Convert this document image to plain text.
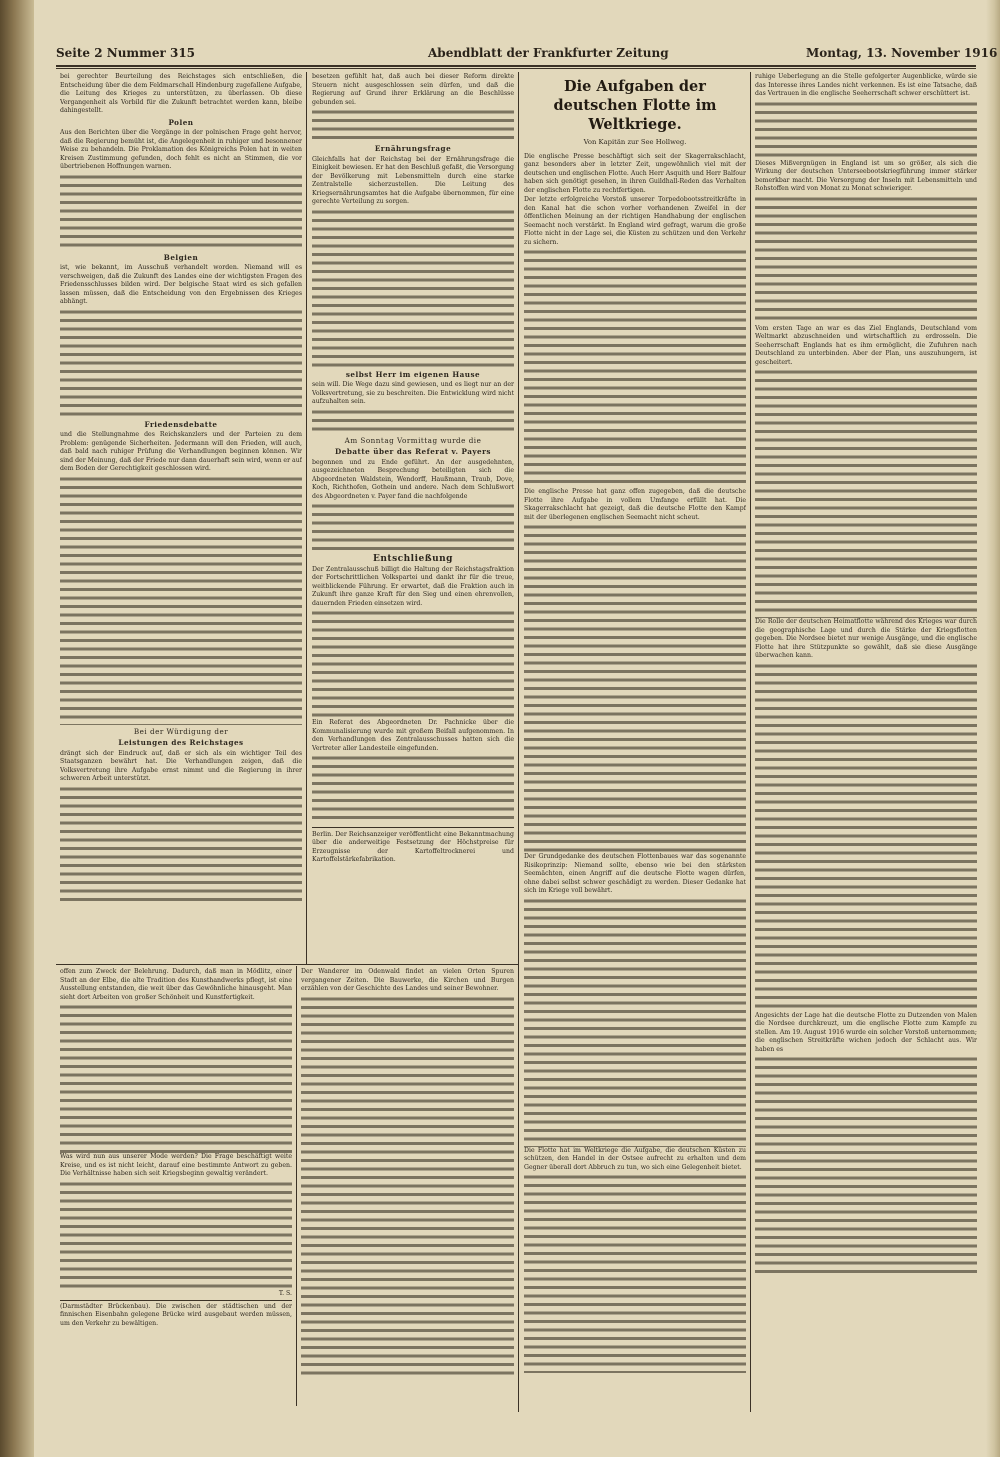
Seite 2 Nummer 315	Abendblatt der Frankfurter Zeitung	Montag, 13. November 1916

bei gerechter Beurteilung des Reichstages sich entschließen, die Entscheidung über die dem Feldmarschall Hindenburg zugefallene Aufgabe, die Leitung des Krieges zu unterstützen, zu überlassen. Ob diese Vergangenheit als Vorbild für die Zukunft betrachtet werden kann, bleibe dahingestellt.

Polen

Aus den Berichten über die Vorgänge in der polnischen Frage geht hervor, daß die Regierung bemüht ist, die Angelegenheit in ruhiger und besonnener Weise zu behandeln. Die Proklamation des Königreichs Polen hat in weiten Kreisen Zustimmung gefunden, doch fehlt es nicht an Stimmen, die vor übertriebenen Hoffnungen warnen.

Belgien

ist, wie bekannt, im Ausschuß verhandelt worden. Niemand will es verschweigen, daß die Zukunft des Landes eine der wichtigsten Fragen des Friedensschlusses bilden wird. Der belgische Staat wird es sich gefallen lassen müssen, daß die Entscheidung von den Ergebnissen des Krieges abhängt.

Friedensdebatte

und die Stellungnahme des Reichskanzlers und der Parteien zu dem Problem: genügende Sicherheiten. Jedermann will den Frieden, will auch, daß bald nach ruhiger Prüfung die Verhandlungen beginnen können. Wir sind der Meinung, daß der Friede nur dann dauerhaft sein wird, wenn er auf dem Boden der Gerechtigkeit geschlossen wird.

Bei der Würdigung der
Leistungen des Reichstages

drängt sich der Eindruck auf, daß er sich als ein wichtiger Teil des Staatsganzen bewährt hat. Die Verhandlungen zeigen, daß die Volksvertretung ihre Aufgabe ernst nimmt und die Regierung in ihrer schweren Arbeit unterstützt.

besetzen gefühlt hat, daß auch bei dieser Reform direkte Steuern nicht ausgeschlossen sein dürfen, und daß die Regierung auf Grund ihrer Erklärung an die Beschlüsse gebunden sei.

Ernährungsfrage

Gleichfalls hat der Reichstag bei der Ernährungsfrage die Einigkeit bewiesen. Er hat den Beschluß gefaßt, die Versorgung der Bevölkerung mit Lebensmitteln durch eine starke Zentralstelle sicherzustellen. Die Leitung des Kriegsernährungsamtes hat die Aufgabe übernommen, für eine gerechte Verteilung zu sorgen.

selbst Herr im eigenen Hause

sein will. Die Wege dazu sind gewiesen, und es liegt nur an der Volksvertretung, sie zu beschreiten. Die Entwicklung wird nicht aufzuhalten sein.

Am Sonntag Vormittag wurde die
Debatte über das Referat v. Payers

begonnen und zu Ende geführt. An der ausgedehnten, ausgezeichneten Besprechung beteiligten sich die Abgeordneten Waldstein, Wendorff, Haußmann, Traub, Dove, Koch, Richthofen, Gothein und andere. Nach dem Schlußwort des Abgeordneten v. Payer fand die nachfolgende

Entschließung

Der Zentralausschuß billigt die Haltung der Reichstagsfraktion der Fortschrittlichen Volkspartei und dankt ihr für die treue, weitblickende Führung. Er erwartet, daß die Fraktion auch in Zukunft ihre ganze Kraft für den Sieg und einen ehrenvollen, dauernden Frieden einsetzen wird.

Ein Referat des Abgeordneten Dr. Pachnicke über die Kommunalisierung wurde mit großem Beifall aufgenommen. In den Verhandlungen des Zentralausschusses hatten sich die Vertreter aller Landesteile eingefunden.

Berlin. Der Reichsanzeiger veröffentlicht eine Bekanntmachung über die anderweitige Festsetzung der Höchstpreise für Erzeugnisse der Kartoffeltrocknerei und Kartoffelstärkefabrikation.

offen zum Zweck der Belehrung. Dadurch, daß man in Mödlitz, einer Stadt an der Elbe, die alte Tradition des Kunsthandwerks pflegt, ist eine Ausstellung entstanden, die weit über das Gewöhnliche hinausgeht. Man sieht dort Arbeiten von großer Schönheit und Kunstfertigkeit.

Was wird nun aus unserer Mode werden? Die Frage beschäftigt weite Kreise, und es ist nicht leicht, darauf eine bestimmte Antwort zu geben. Die Verhältnisse haben sich seit Kriegsbeginn gewaltig verändert.

T. S.

(Darmstädter Brückenbau). Die zwischen der städtischen und der finnischen Eisenbahn gelegene Brücke wird ausgebaut werden müssen, um den Verkehr zu bewältigen.

Der Wanderer im Odenwald findet an vielen Orten Spuren vergangener Zeiten. Die Bauwerke, die Kirchen und Burgen erzählen von der Geschichte des Landes und seiner Bewohner.

Die Aufgaben der deutschen Flotte im Weltkriege.
Von Kapitän zur See Hollweg.

Die englische Presse beschäftigt sich seit der Skagerrakschlacht, ganz besonders aber in letzter Zeit, ungewöhnlich viel mit der deutschen und englischen Flotte. Auch Herr Asquith und Herr Balfour haben sich genötigt gesehen, in ihren Guildhall-Reden das Verhalten der englischen Flotte zu rechtfertigen.

Der letzte erfolgreiche Vorstoß unserer Torpedobootsstreitkräfte in den Kanal hat die schon vorher vorhandenen Zweifel in der öffentlichen Meinung an der richtigen Handhabung der englischen Seemacht noch verstärkt. In England wird gefragt, warum die große Flotte nicht in der Lage sei, die Küsten zu schützen und den Verkehr zu sichern.

Die englische Presse hat ganz offen zugegeben, daß die deutsche Flotte ihre Aufgabe in vollem Umfange erfüllt hat. Die Skagerrakschlacht hat gezeigt, daß die deutsche Flotte den Kampf mit der überlegenen englischen Seemacht nicht scheut.

Der Grundgedanke des deutschen Flottenbaues war das sogenannte Risikoprinzip: Niemand sollte, ebenso wie bei den stärksten Seemächten, einen Angriff auf die deutsche Flotte wagen dürfen, ohne dabei selbst schwer geschädigt zu werden. Dieser Gedanke hat sich im Kriege voll bewährt.

Die Flotte hat im Weltkriege die Aufgabe, die deutschen Küsten zu schützen, den Handel in der Ostsee aufrecht zu erhalten und dem Gegner überall dort Abbruch zu tun, wo sich eine Gelegenheit bietet.

ruhige Ueberlegung an die Stelle gefolgerter Augenblicke, würde sie das Interesse ihres Landes nicht verkennen. Es ist eine Tatsache, daß das Vertrauen in die englische Seeherrschaft schwer erschüttert ist.

Dieses Mißvergnügen in England ist um so größer, als sich die Wirkung der deutschen Unterseebootskriegführung immer stärker bemerkbar macht. Die Versorgung der Inseln mit Lebensmitteln und Rohstoffen wird von Monat zu Monat schwieriger.

Vom ersten Tage an war es das Ziel Englands, Deutschland vom Weltmarkt abzuschneiden und wirtschaftlich zu erdrosseln. Die Seeherrschaft Englands hat es ihm ermöglicht, die Zufuhren nach Deutschland zu unterbinden. Aber der Plan, uns auszuhungern, ist gescheitert.

Die Rolle der deutschen Heimatflotte während des Krieges war durch die geographische Lage und durch die Stärke der Kriegsflotten gegeben. Die Nordsee bietet nur wenige Ausgänge, und die englische Flotte hat ihre Stützpunkte so gewählt, daß sie diese Ausgänge überwachen kann.

Angesichts der Lage hat die deutsche Flotte zu Dutzenden von Malen die Nordsee durchkreuzt, um die englische Flotte zum Kampfe zu stellen. Am 19. August 1916 wurde ein solcher Vorstoß unternommen; die englischen Streitkräfte wichen jedoch der Schlacht aus. Wir haben es
